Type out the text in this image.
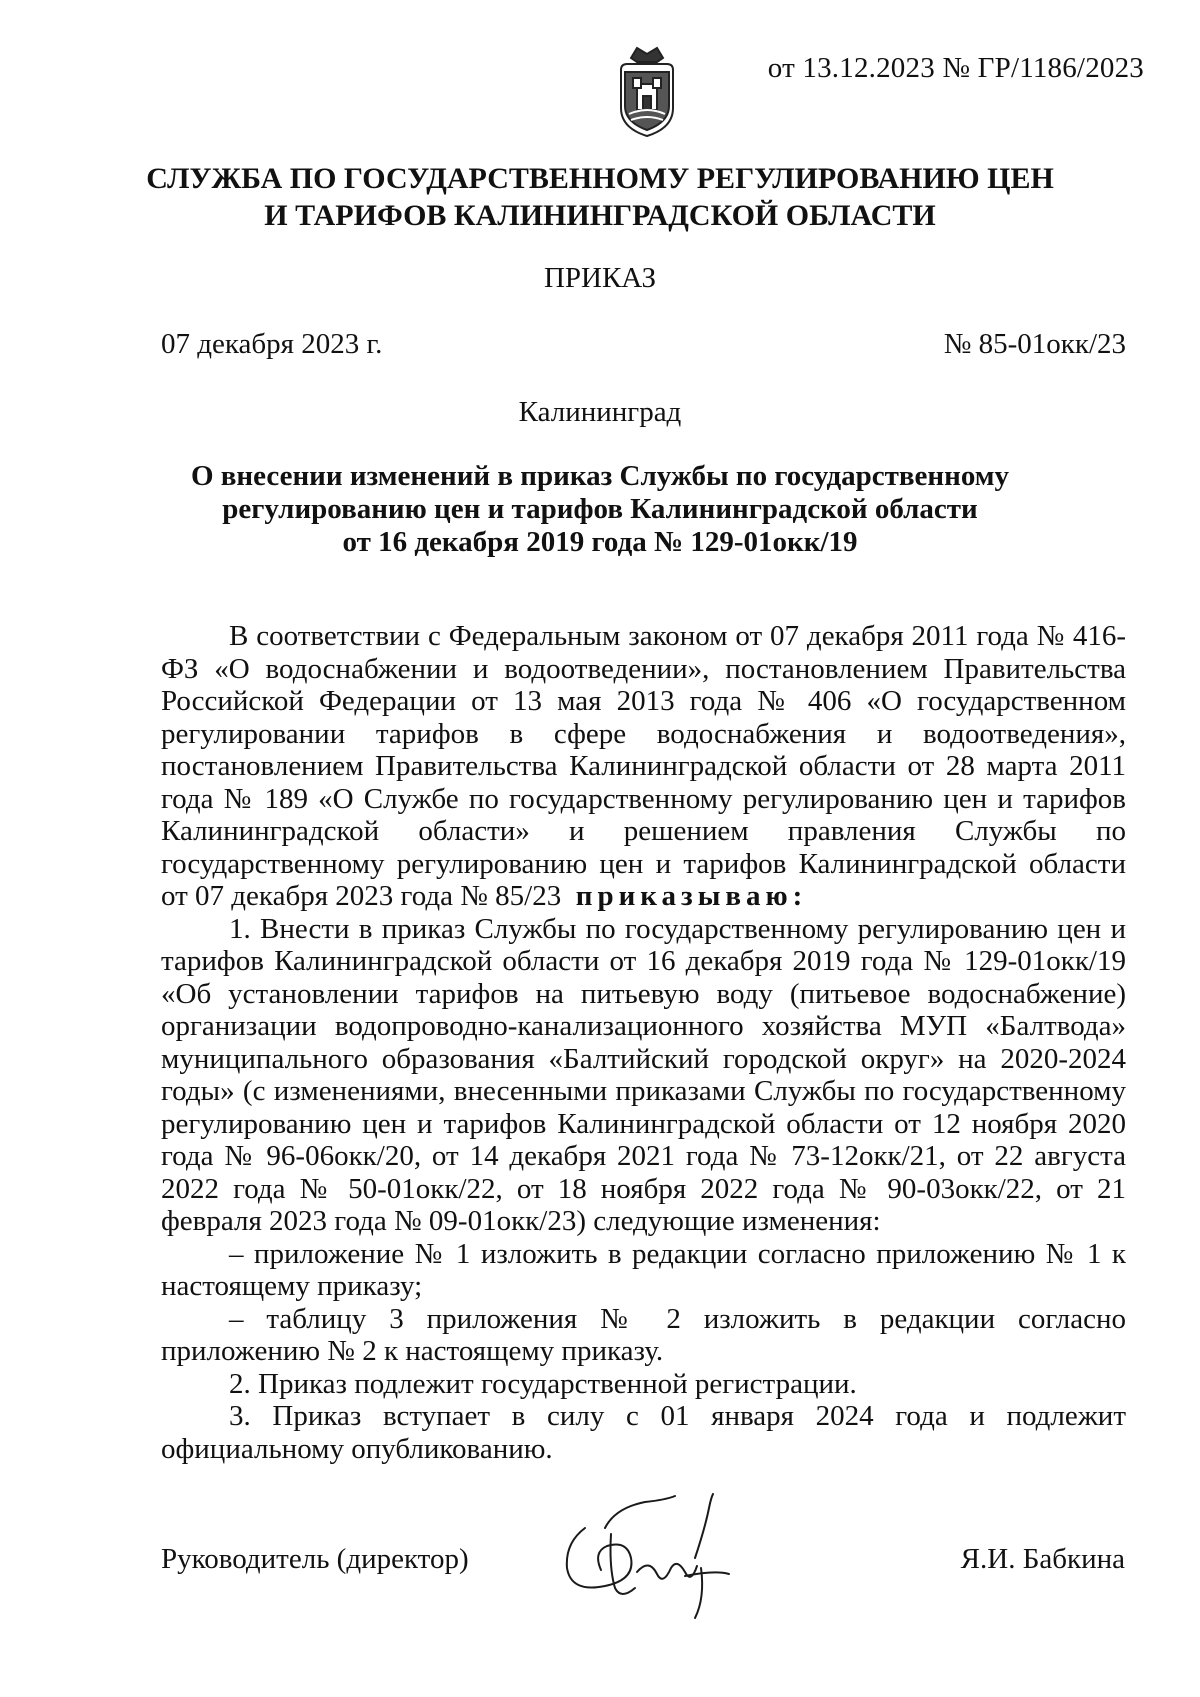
от 13.12.2023 № ГР/1186/2023
СЛУЖБА ПО ГОСУДАРСТВЕННОМУ РЕГУЛИРОВАНИЮ ЦЕН
И ТАРИФОВ КАЛИНИНГРАДСКОЙ ОБЛАСТИ
ПРИКАЗ
07 декабря 2023 г.	№ 85-01окк/23
Калининград
О внесении изменений в приказ Службы по государственному
регулированию цен и тарифов Калининградской области
от 16 декабря 2019 года № 129-01окк/19

В соответствии с Федеральным законом от 07 декабря 2011 года № 416-ФЗ «О водоснабжении и водоотведении», постановлением Правительства Российской Федерации от 13 мая 2013 года № 406 «О государственном регулировании тарифов в сфере водоснабжения и водоотведения», постановлением Правительства Калининградской области от 28 марта 2011 года № 189 «О Службе по государственному регулированию цен и тарифов Калининградской области» и решением правления Службы по государственному регулированию цен и тарифов Калининградской области от 07 декабря 2023 года № 85/23 приказываю:

1. Внести в приказ Службы по государственному регулированию цен и тарифов Калининградской области от 16 декабря 2019 года № 129-01окк/19 «Об установлении тарифов на питьевую воду (питьевое водоснабжение) организации водопроводно-канализационного хозяйства МУП «Балтвода» муниципального образования «Балтийский городской округ» на 2020-2024 годы» (с изменениями, внесенными приказами Службы по государственному регулированию цен и тарифов Калининградской области от 12 ноября 2020 года № 96-06окк/20, от 14 декабря 2021 года № 73-12окк/21, от 22 августа 2022 года № 50-01окк/22, от 18 ноября 2022 года № 90-03окк/22, от 21 февраля 2023 года № 09-01окк/23) следующие изменения:

– приложение № 1 изложить в редакции согласно приложению № 1 к настоящему приказу;

– таблицу 3 приложения № 2 изложить в редакции согласно приложению № 2 к настоящему приказу.

2. Приказ подлежит государственной регистрации.

3. Приказ вступает в силу с 01 января 2024 года и подлежит официальному опубликованию.

Руководитель (директор)	Я.И. Бабкина
